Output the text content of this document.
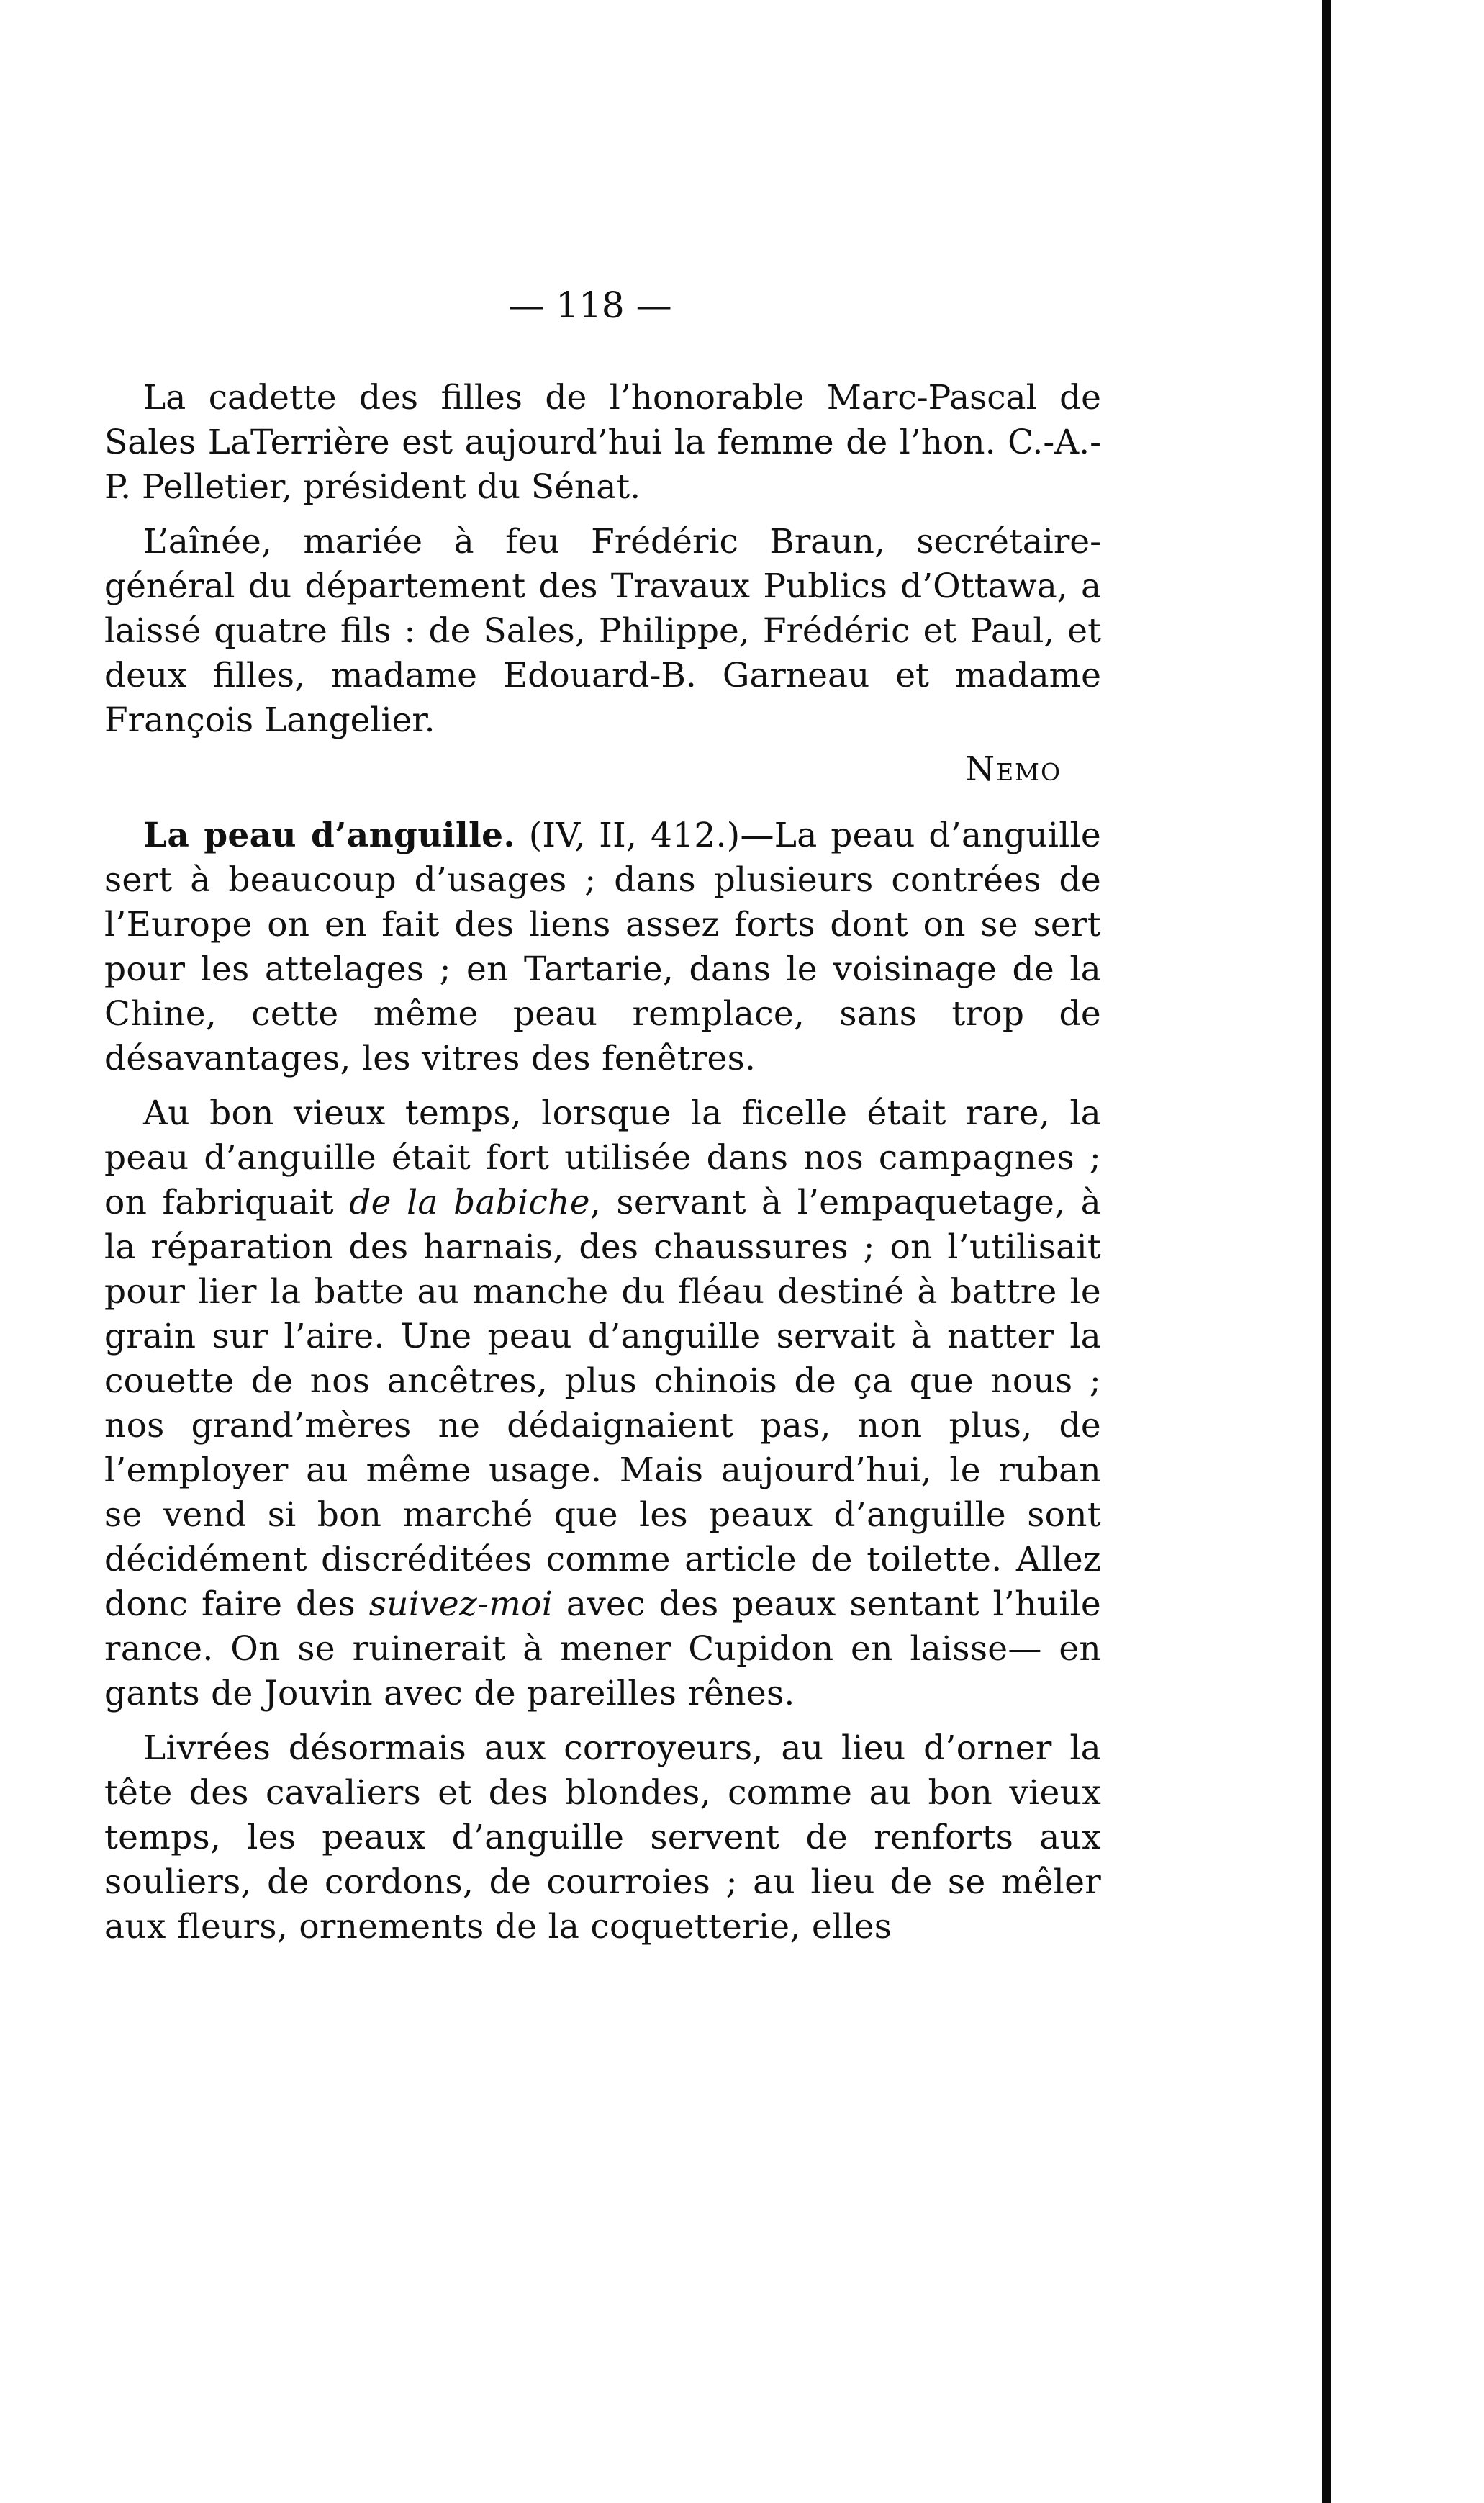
— 118 —

La cadette des filles de l’honorable Marc-Pascal de Sales LaTerrière est aujourd’hui la femme de l’hon. C.-A.-P. Pelletier, président du Sénat.

L’aînée, mariée à feu Frédéric Braun, secrétaire-général du département des Travaux Publics d’Ottawa, a laissé quatre fils : de Sales, Philippe, Frédéric et Paul, et deux filles, madame Edouard-B. Garneau et madame François Langelier.

Nemo

La peau d’anguille. (IV, II, 412.)—La peau d’anguille sert à beaucoup d’usages ; dans plusieurs contrées de l’Europe on en fait des liens assez forts dont on se sert pour les attelages ; en Tartarie, dans le voisinage de la Chine, cette même peau remplace, sans trop de désavantages, les vitres des fenêtres.

Au bon vieux temps, lorsque la ficelle était rare, la peau d’anguille était fort utilisée dans nos campagnes ; on fabriquait de la babiche, servant à l’empaquetage, à la réparation des harnais, des chaussures ; on l’utilisait pour lier la batte au manche du fléau destiné à battre le grain sur l’aire. Une peau d’anguille servait à natter la couette de nos ancêtres, plus chinois de ça que nous ; nos grand’mères ne dédaignaient pas, non plus, de l’employer au même usage. Mais aujourd’hui, le ruban se vend si bon marché que les peaux d’anguille sont décidément discréditées comme article de toilette. Allez donc faire des suivez-moi avec des peaux sentant l’huile rance. On se ruinerait à mener Cupidon en laisse— en gants de Jouvin avec de pareilles rênes.

Livrées désormais aux corroyeurs, au lieu d’orner la tête des cavaliers et des blondes, comme au bon vieux temps, les peaux d’anguille servent de renforts aux souliers, de cordons, de courroies ; au lieu de se mêler aux fleurs, ornements de la coquetterie, elles
